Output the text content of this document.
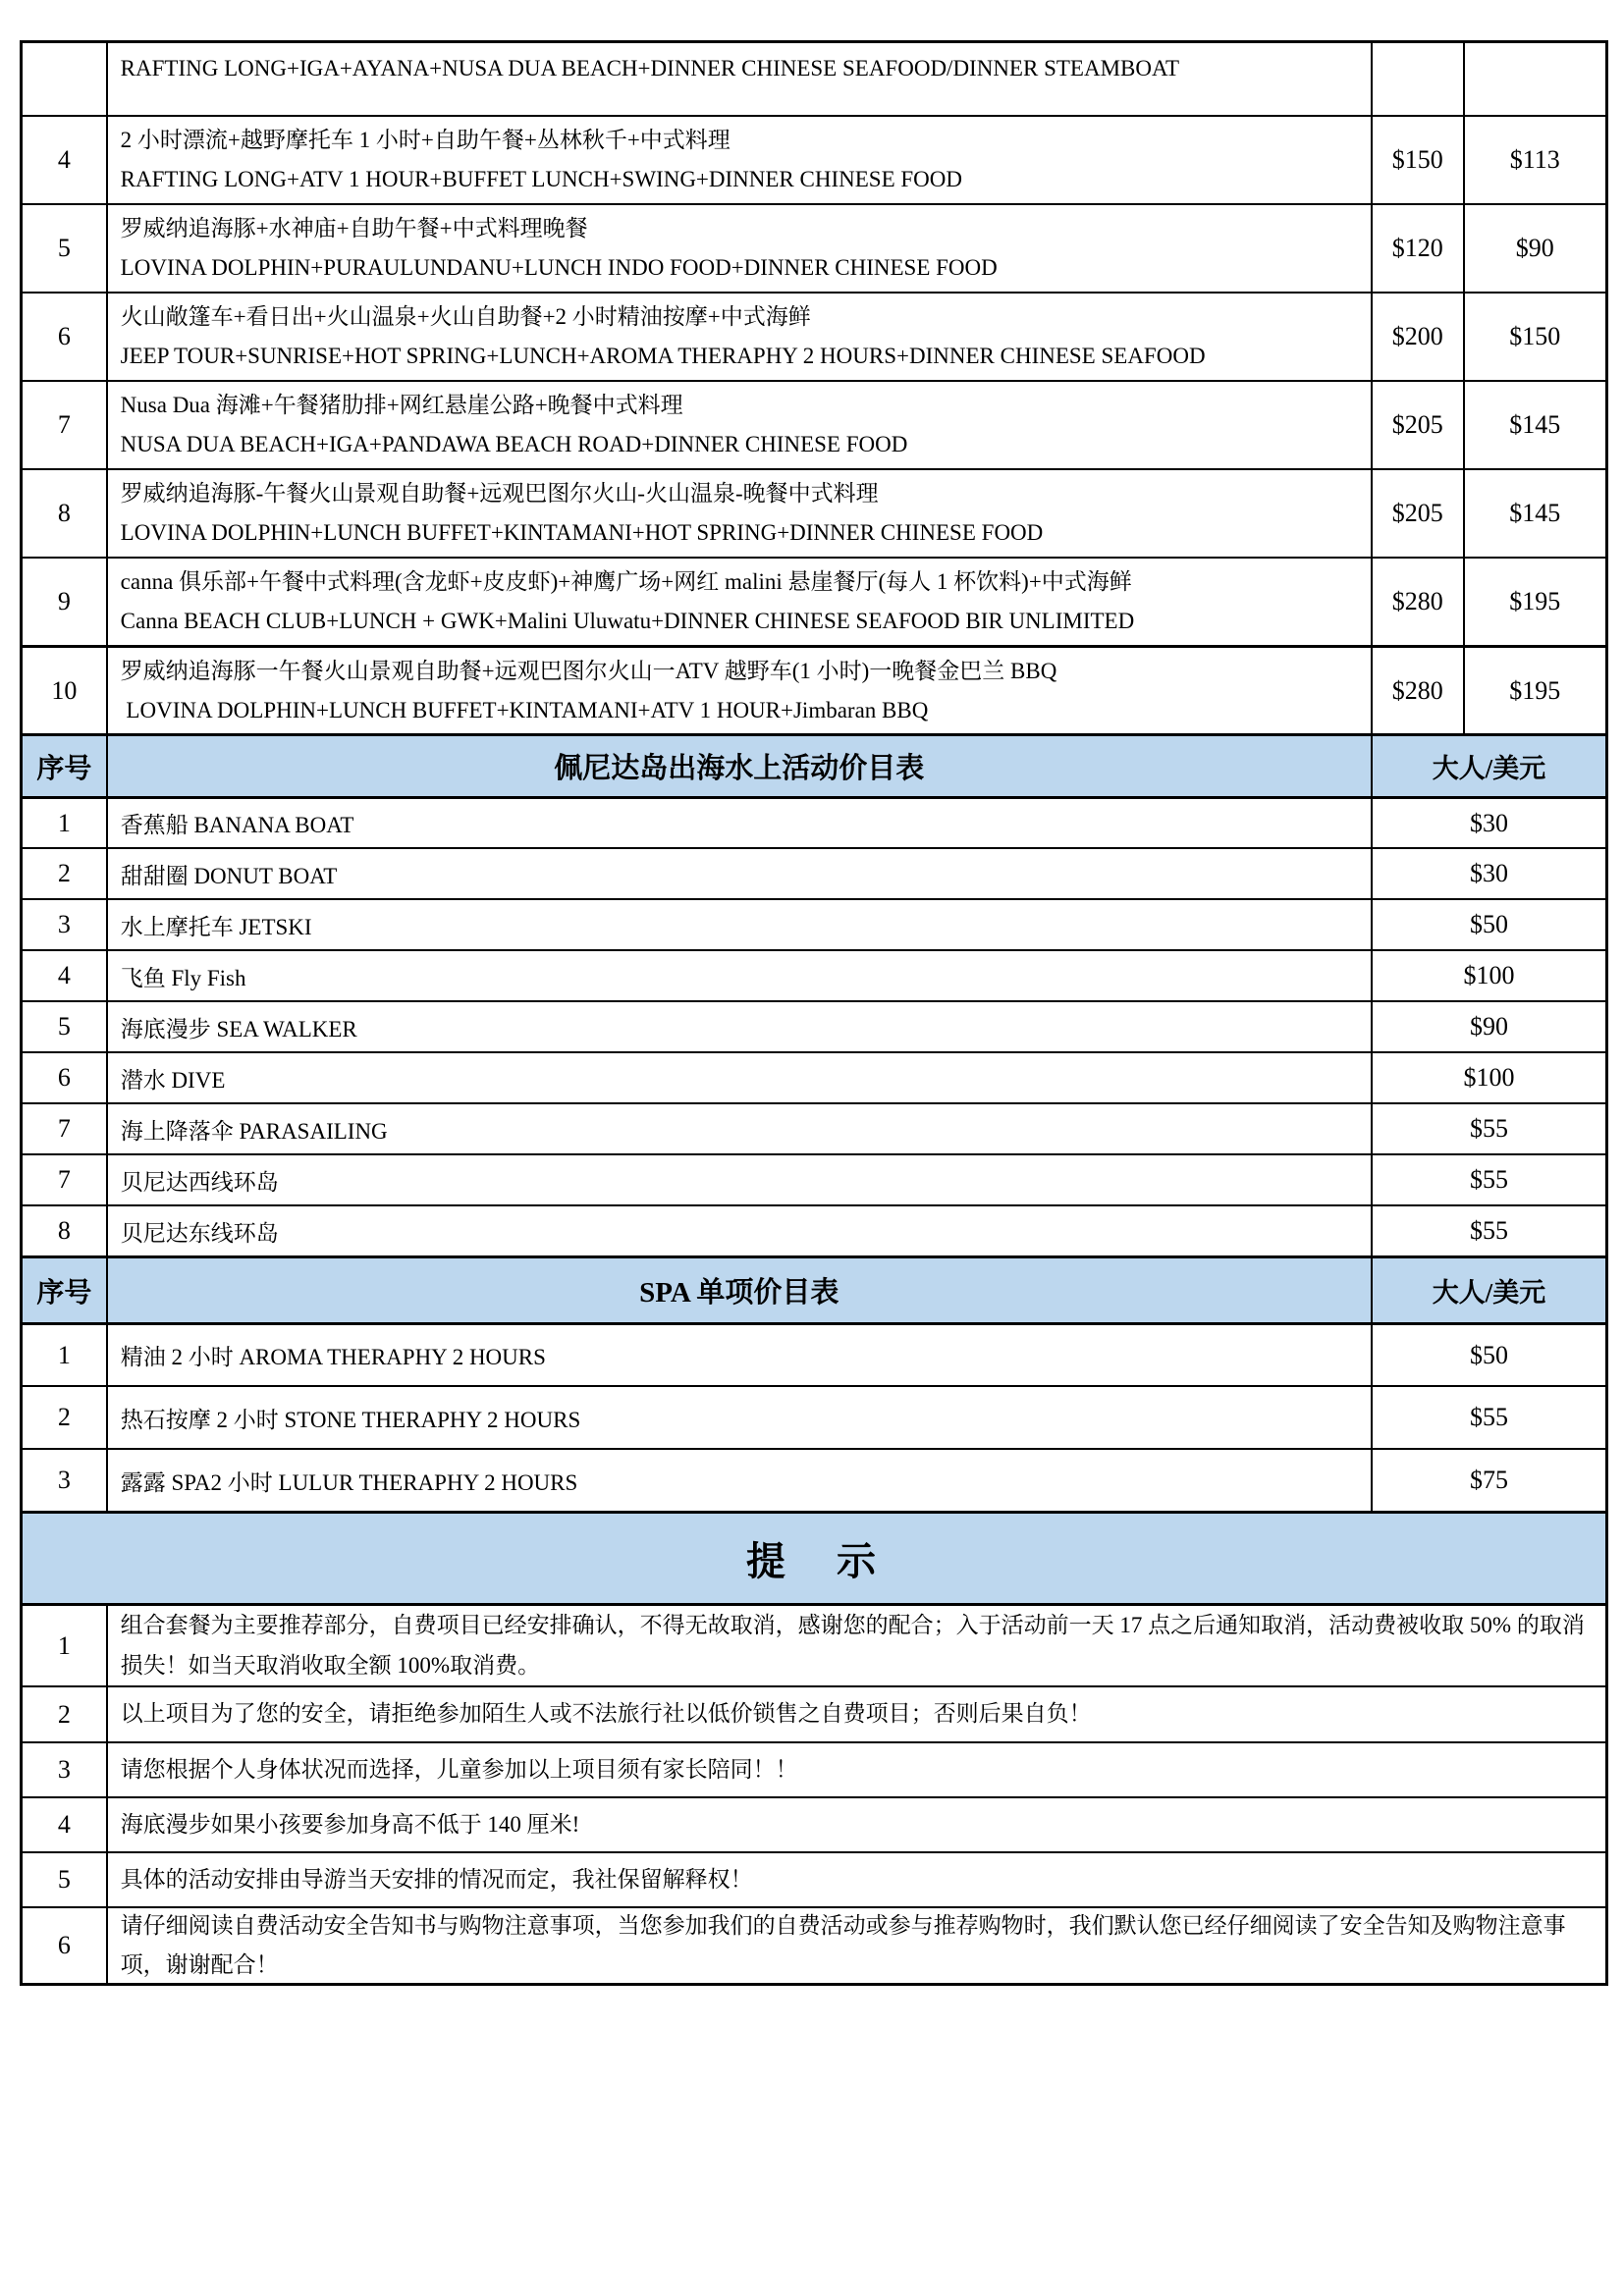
RAFTING LONG+IGA+AYANA+NUSA DUA BEACH+DINNER CHINESE SEAFOOD/DINNER STEAMBOAT
4
2 小时漂流+越野摩托车 1 小时+自助午餐+丛林秋千+中式料理
RAFTING LONG+ATV 1 HOUR+BUFFET LUNCH+SWING+DINNER CHINESE FOOD
$150	$113
5
罗威纳追海豚+水神庙+自助午餐+中式料理晚餐
LOVINA DOLPHIN+PURAULUNDANU+LUNCH INDO FOOD+DINNER CHINESE FOOD
$120	$90
6
火山敞篷车+看日出+火山温泉+火山自助餐+2 小时精油按摩+中式海鲜
JEEP TOUR+SUNRISE+HOT SPRING+LUNCH+AROMA THERAPHY 2 HOURS+DINNER CHINESE SEAFOOD
$200	$150
7
Nusa Dua 海滩+午餐猪肋排+网红悬崖公路+晚餐中式料理
NUSA DUA BEACH+IGA+PANDAWA BEACH ROAD+DINNER CHINESE FOOD
$205	$145
8
罗威纳追海豚-午餐火山景观自助餐+远观巴图尔火山-火山温泉-晚餐中式料理
LOVINA DOLPHIN+LUNCH BUFFET+KINTAMANI+HOT SPRING+DINNER CHINESE FOOD
$205	$145
9
canna 俱乐部+午餐中式料理(含龙虾+皮皮虾)+神鹰广场+网红 malini 悬崖餐厅(每人 1 杯饮料)+中式海鲜
Canna BEACH CLUB+LUNCH + GWK+Malini Uluwatu+DINNER CHINESE SEAFOOD BIR UNLIMITED
$280	$195
10
罗威纳追海豚一午餐火山景观自助餐+远观巴图尔火山一ATV 越野车(1 小时)一晚餐金巴兰 BBQ
LOVINA DOLPHIN+LUNCH BUFFET+KINTAMANI+ATV 1 HOUR+Jimbaran BBQ
$280	$195
序号	佩尼达岛出海水上活动价目表	大人/美元
1	香蕉船 BANANA BOAT	$30
2	甜甜圈 DONUT BOAT	$30
3	水上摩托车 JETSKI	$50
4	飞鱼 Fly Fish	$100
5	海底漫步 SEA WALKER	$90
6	潜水 DIVE	$100
7	海上降落伞 PARASAILING	$55
7	贝尼达西线环岛	$55
8	贝尼达东线环岛	$55
序号	SPA 单项价目表	大人/美元
1	精油 2 小时 AROMA THERAPHY 2 HOURS	$50
2	热石按摩 2 小时 STONE THERAPHY 2 HOURS	$55
3	露露 SPA2 小时 LULUR THERAPHY 2 HOURS	$75
提　示
1
组合套餐为主要推荐部分，自费项目已经安排确认，不得无故取消，感谢您的配合；入于活动前一天 17 点之后通知取消，活动费被收取 50% 的取消损失！如当天取消收取全额 100%取消费。
2	以上项目为了您的安全，请拒绝参加陌生人或不法旅行社以低价锁售之自费项目；否则后果自负！
3	请您根据个人身体状况而选择，儿童参加以上项目须有家长陪同！！
4	海底漫步如果小孩要参加身高不低于 140 厘米!
5	具体的活动安排由导游当天安排的情况而定，我社保留解释权！
6
请仔细阅读自费活动安全告知书与购物注意事项，当您参加我们的自费活动或参与推荐购物时，我们默认您已经仔细阅读了安全告知及购物注意事项，谢谢配合！
